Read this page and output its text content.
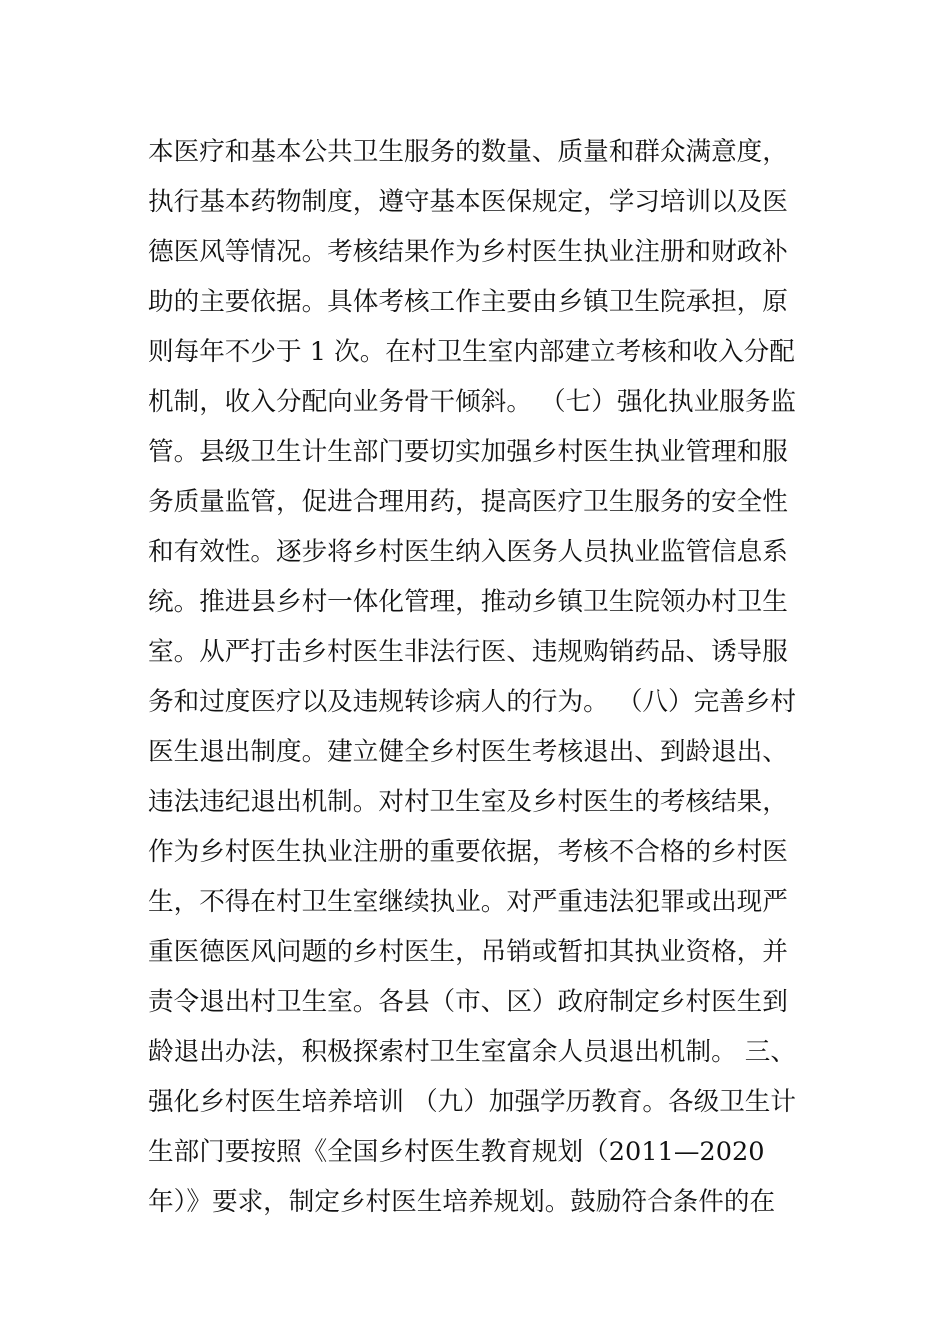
本医疗和基本公共卫生服务的数量、质量和群众满意度，
执行基本药物制度，遵守基本医保规定，学习培训以及医
德医风等情况。考核结果作为乡村医生执业注册和财政补
助的主要依据。具体考核工作主要由乡镇卫生院承担，原
则每年不少于 1 次。在村卫生室内部建立考核和收入分配
机制，收入分配向业务骨干倾斜。 （七）强化执业服务监
管。县级卫生计生部门要切实加强乡村医生执业管理和服
务质量监管，促进合理用药，提高医疗卫生服务的安全性
和有效性。逐步将乡村医生纳入医务人员执业监管信息系
统。推进县乡村一体化管理，推动乡镇卫生院领办村卫生
室。从严打击乡村医生非法行医、违规购销药品、诱导服
务和过度医疗以及违规转诊病人的行为。 （八）完善乡村
医生退出制度。建立健全乡村医生考核退出、到龄退出、
违法违纪退出机制。对村卫生室及乡村医生的考核结果，
作为乡村医生执业注册的重要依据，考核不合格的乡村医
生，不得在村卫生室继续执业。对严重违法犯罪或出现严
重医德医风问题的乡村医生，吊销或暂扣其执业资格，并
责令退出村卫生室。各县（市、区）政府制定乡村医生到
龄退出办法，积极探索村卫生室富余人员退出机制。 三、
强化乡村医生培养培训 （九）加强学历教育。各级卫生计
生部门要按照《全国乡村医生教育规划（2011—2020
年）》要求，制定乡村医生培养规划。鼓励符合条件的在
